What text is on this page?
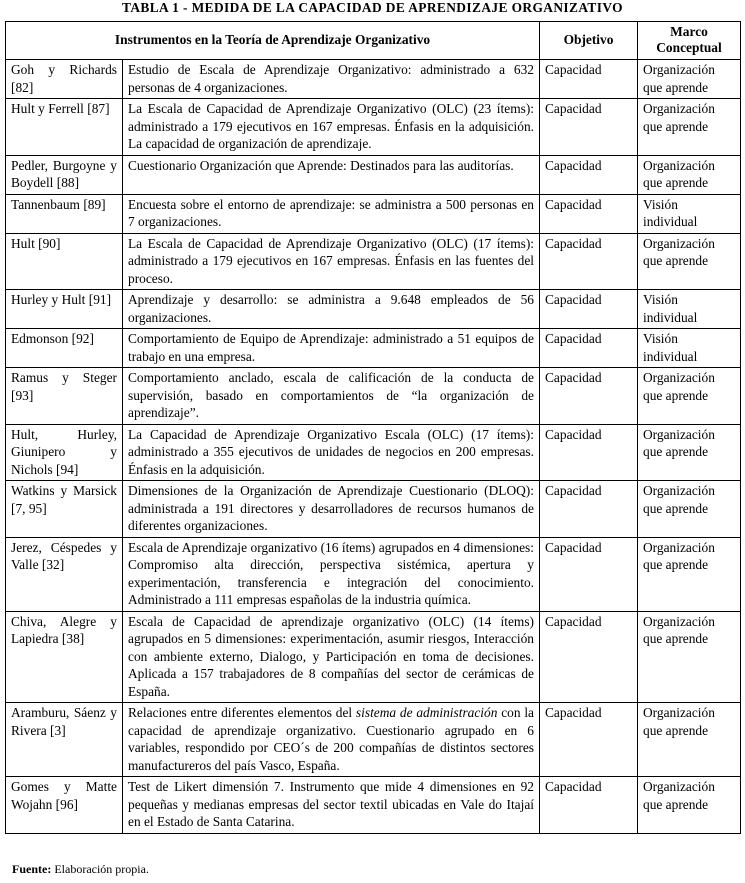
TABLA 1 - MEDIDA DE LA CAPACIDAD DE APRENDIZAJE ORGANIZATIVO
Instrumentos en la Teoría de Aprendizaje Organizativo		Objetivo	Marco Conceptual
Goh y Richards [82]	Estudio de Escala de Aprendizaje Organizativo: administrado a 632 personas de 4 organizaciones.	Capacidad	Organización que aprende
Hult y Ferrell [87]	La Escala de Capacidad de Aprendizaje Organizativo (OLC) (23 ítems): administrado a 179 ejecutivos en 167 empresas. Énfasis en la adquisición. La capacidad de organización de aprendizaje.	Capacidad	Organización que aprende
Pedler, Burgoyne y Boydell [88]	Cuestionario Organización que Aprende: Destinados para las auditorías.	Capacidad	Organización que aprende
Tannenbaum [89]	Encuesta sobre el entorno de aprendizaje: se administra a 500 personas en 7 organizaciones.	Capacidad	Visión individual
Hult [90]	La Escala de Capacidad de Aprendizaje Organizativo (OLC) (17 ítems): administrado a 179 ejecutivos en 167 empresas. Énfasis en las fuentes del proceso.	Capacidad	Organización que aprende
Hurley y Hult [91]	Aprendizaje y desarrollo: se administra a 9.648 empleados de 56 organizaciones.	Capacidad	Visión individual
Edmonson [92]	Comportamiento de Equipo de Aprendizaje: administrado a 51 equipos de trabajo en una empresa.	Capacidad	Visión individual
Ramus y Steger [93]	Comportamiento anclado, escala de calificación de la conducta de supervisión, basado en comportamientos de “la organización de aprendizaje”.	Capacidad	Organización que aprende
Hult, Hurley, Giunipero y Nichols [94]	La Capacidad de Aprendizaje Organizativo Escala (OLC) (17 ítems): administrado a 355 ejecutivos de unidades de negocios en 200 empresas. Énfasis en la adquisición.	Capacidad	Organización que aprende
Watkins y Marsick [7, 95]	Dimensiones de la Organización de Aprendizaje Cuestionario (DLOQ): administrada a 191 directores y desarrolladores de recursos humanos de diferentes organizaciones.	Capacidad	Organización que aprende
Jerez, Céspedes y Valle [32]	Escala de Aprendizaje organizativo (16 ítems) agrupados en 4 dimensiones: Compromiso alta dirección, perspectiva sistémica, apertura y experimentación, transferencia e integración del conocimiento. Administrado a 111 empresas españolas de la industria química.	Capacidad	Organización que aprende
Chiva, Alegre y Lapiedra [38]	Escala de Capacidad de aprendizaje organizativo (OLC) (14 ítems) agrupados en 5 dimensiones: experimentación, asumir riesgos, Interacción con ambiente externo, Dialogo, y Participación en toma de decisiones. Aplicada a 157 trabajadores de 8 compañías del sector de cerámicas de España.	Capacidad	Organización que aprende
Aramburu, Sáenz y Rivera [3]	Relaciones entre diferentes elementos del sistema de administración con la capacidad de aprendizaje organizativo. Cuestionario agrupado en 6 variables, respondido por CEO´s de 200 compañías de distintos sectores manufactureros del país Vasco, España.	Capacidad	Organización que aprende
Gomes y Matte Wojahn [96]	Test de Likert dimensión 7. Instrumento que mide 4 dimensiones en 92 pequeñas y medianas empresas del sector textil ubicadas en Vale do Itajaí en el Estado de Santa Catarina.	Capacidad	Organización que aprende
Fuente: Elaboración propia.
